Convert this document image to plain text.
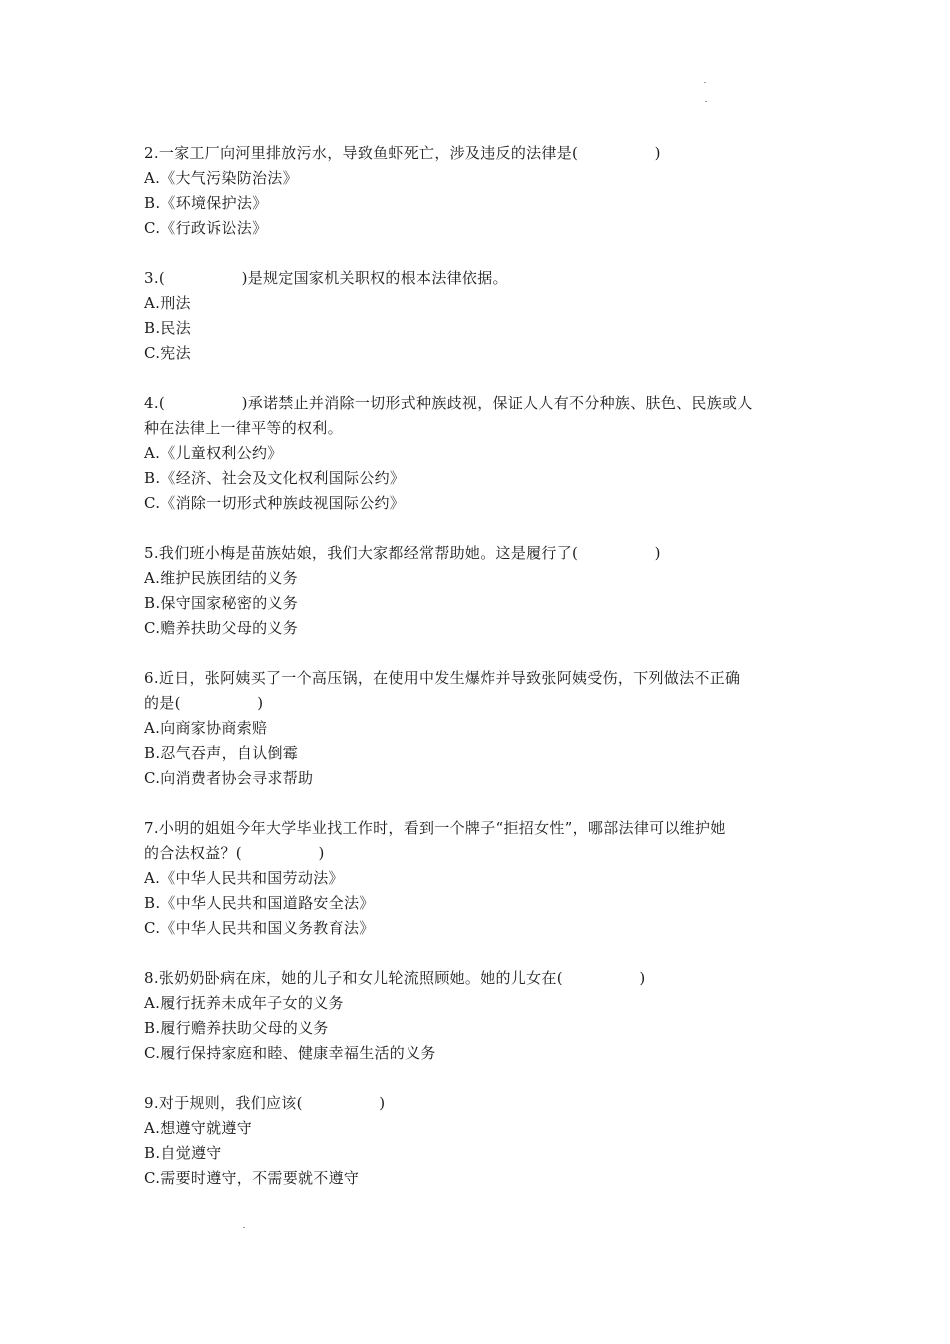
2.一家工厂向河里排放污水，导致鱼虾死亡，涉及违反的法律是(　　　　　)
A.《大气污染防治法》
B.《环境保护法》
C.《行政诉讼法》
3.(　　　　　)是规定国家机关职权的根本法律依据。
A.刑法
B.民法
C.宪法
4.(　　　　　)承诺禁止并消除一切形式种族歧视，保证人人有不分种族、肤色、民族或人
种在法律上一律平等的权利。
A.《儿童权利公约》
B.《经济、社会及文化权利国际公约》
C.《消除一切形式种族歧视国际公约》
5.我们班小梅是苗族姑娘，我们大家都经常帮助她。这是履行了(　　　　　)
A.维护民族团结的义务
B.保守国家秘密的义务
C.赡养扶助父母的义务
6.近日，张阿姨买了一个高压锅，在使用中发生爆炸并导致张阿姨受伤，下列做法不正确
的是(　　　　　)
A.向商家协商索赔
B.忍气吞声，自认倒霉
C.向消费者协会寻求帮助
7.小明的姐姐今年大学毕业找工作时，看到一个牌子“拒招女性”，哪部法律可以维护她
的合法权益？(　　　　　)
A.《中华人民共和国劳动法》
B.《中华人民共和国道路安全法》
C.《中华人民共和国义务教育法》
8.张奶奶卧病在床，她的儿子和女儿轮流照顾她。她的儿女在(　　　　　)
A.履行抚养未成年子女的义务
B.履行赡养扶助父母的义务
C.履行保持家庭和睦、健康幸福生活的义务
9.对于规则，我们应该(　　　　　)
A.想遵守就遵守
B.自觉遵守
C.需要时遵守，不需要就不遵守
